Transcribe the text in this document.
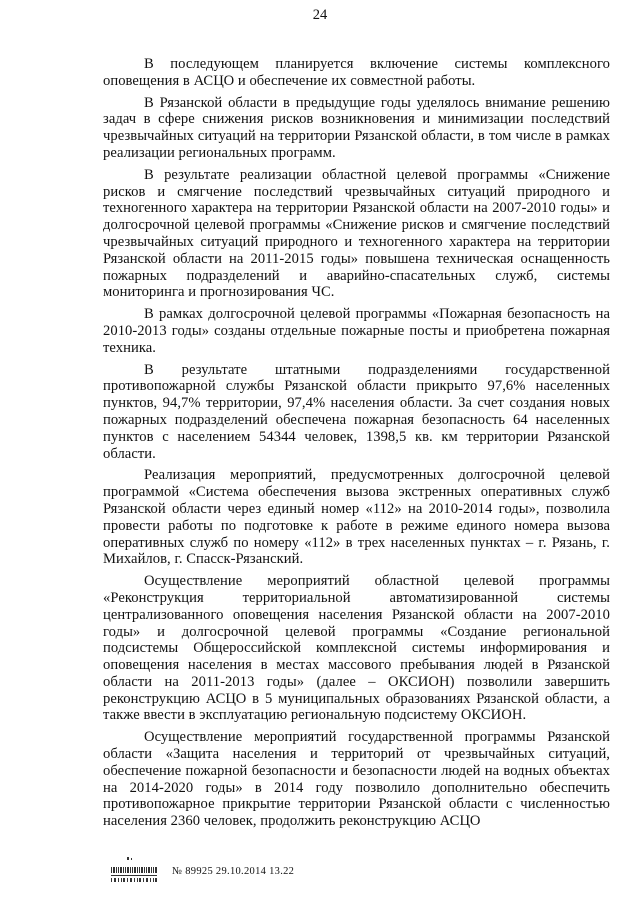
24

В последующем планируется включение системы комплексного оповещения в АСЦО и обеспечение их совместной работы.

В Рязанской области в предыдущие годы уделялось внимание решению задач в сфере снижения рисков возникновения и минимизации последствий чрезвычайных ситуаций на территории Рязанской области, в том числе в рамках реализации региональных программ.

В результате реализации областной целевой программы «Снижение рисков и смягчение последствий чрезвычайных ситуаций природного и техногенного характера на территории Рязанской области на 2007-2010 годы» и долгосрочной целевой программы «Снижение рисков и смягчение последствий чрезвычайных ситуаций природного и техногенного характера на территории Рязанской области на 2011-2015 годы» повышена техническая оснащенность пожарных подразделений и аварийно-спасательных служб, системы мониторинга и прогнозирования ЧС.

В рамках долгосрочной целевой программы «Пожарная безопасность на 2010-2013 годы» созданы отдельные пожарные посты и приобретена пожарная техника.

В результате штатными подразделениями государственной противопожарной службы Рязанской области прикрыто 97,6% населенных пунктов, 94,7% территории, 97,4% населения области. За счет создания новых пожарных подразделений обеспечена пожарная безопасность 64 населенных пунктов с населением 54344 человек, 1398,5 кв. км территории Рязанской области.

Реализация мероприятий, предусмотренных долгосрочной целевой программой «Система обеспечения вызова экстренных оперативных служб Рязанской области через единый номер «112» на 2010-2014 годы», позволила провести работы по подготовке к работе в режиме единого номера вызова оперативных служб по номеру «112» в трех населенных пунктах – г. Рязань, г. Михайлов, г. Спасск-Рязанский.

Осуществление мероприятий областной целевой программы «Реконструкция территориальной автоматизированной системы централизованного оповещения населения Рязанской области на 2007-2010 годы» и долгосрочной целевой программы «Создание региональной подсистемы Общероссийской комплексной системы информирования и оповещения населения в местах массового пребывания людей в Рязанской области на 2011-2013 годы» (далее – ОКСИОН) позволили завершить реконструкцию АСЦО в 5 муниципальных образованиях Рязанской области, а также ввести в эксплуатацию региональную подсистему ОКСИОН.

Осуществление мероприятий государственной программы Рязанской области «Защита населения и территорий от чрезвычайных ситуаций, обеспечение пожарной безопасности и безопасности людей на водных объектах на 2014-2020 годы» в 2014 году позволило дополнительно обеспечить противопожарное прикрытие территории Рязанской области с численностью населения 2360 человек, продолжить реконструкцию АСЦО

№ 89925 29.10.2014 13.22
